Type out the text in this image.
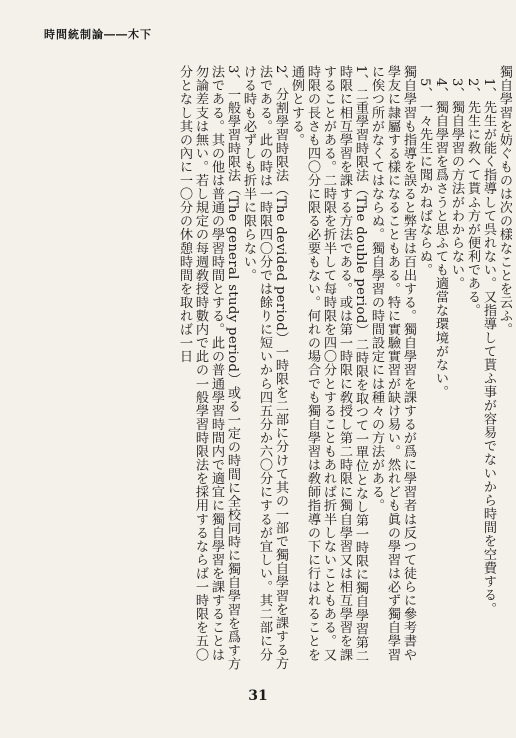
時間統制論――木下

獨自學習を妨ぐものは次の樣なことを云ふ。

1、先生が能く指導して呉れない。又指導して貰ふ事が容易でないから時間を空費する。

2、先生に敎へて貰ふ方が便利である。

3、獨自學習の方法がわからない。

4、獨自學習を爲さうと思ふても適當な環境がない。

5、一々先生に聞かねばならぬ。

獨自學習も指導を誤ると弊害は百出する。獨自學習を課するが爲に學習者は反つて徒らに參考書や學友に隷屬する樣になることもある。特に實驗實習が缺け易い。然れども眞の學習は必ず獨自學習に俟つ所がなくてはならぬ。獨自學習の時間設定には種々の方法がある。

1、二重學習時限法（The double period）二時限を取つて一單位となし第一時限に獨自學習第二時限に相互學習を課する方法である。或は第一時限に敎授し第二時限に獨自學習又は相互學習を課することがある。二時限を折半して每時限を四〇分とすることもあれば折半しないこともある。又時限の長さも四〇分に限る必要もない。何れの場合でも獨自學習は敎師指導の下に行はれることを通例とする。

2、分割學習時限法（The devided period）一時限を二部に分けて其の一部で獨自學習を課する方法である。此の時は一時限四〇分では餘りに短いから四五分か六〇分にするが宜しい。其二部に分ける時も必ずしも折半に限らない。

3、一般學習時限法（The general study period）或る一定の時間に全校同時に獨自學習を爲す方法である。其の他は普通の學習時間とする。此の普通學習時間内で適宜に獨自學習を課することは勿論差支は無い。若し規定の每週敎授時數内で此の一般學習時限法を採用するならば一時限を五〇分となし其の內に一〇分の休憩時間を取れば一日

31
